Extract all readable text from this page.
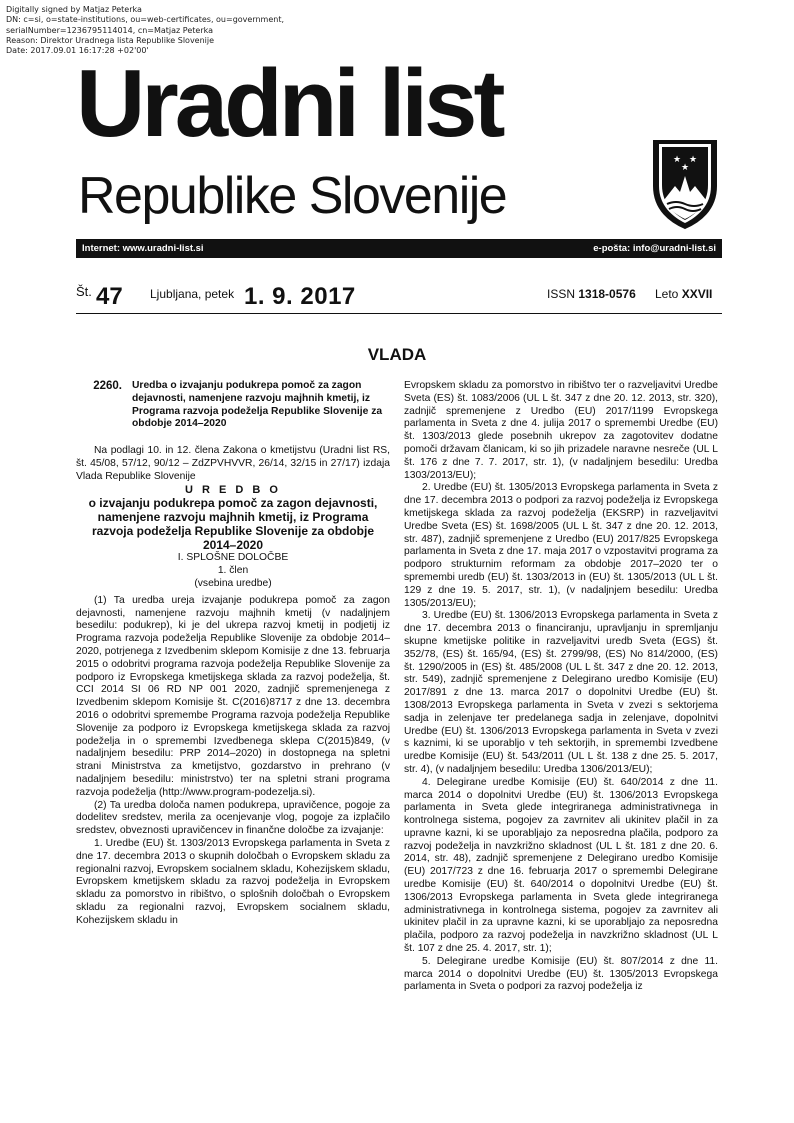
Digitally signed by Matjaz Peterka
DN: c=si, o=state-institutions, ou=web-certificates, ou=government,
serialNumber=1236795114014, cn=Matjaz Peterka
Reason: Direktor Uradnega lista Republike Slovenije
Date: 2017.09.01 16:17:28 +02'00'
Uradni list
Republike Slovenije
★ ★
★
Internet: www.uradni-list.si	e-pošta: info@uradni-list.si
Št. 47 Ljubljana, petek 1. 9. 2017	ISSN 1318-0576 Leto XXVII
VLADA
2260. Uredba o izvajanju podukrepa pomoč za zagon dejavnosti, namenjene razvoju majhnih kmetij, iz Programa razvoja podeželja Republike Slovenije za obdobje 2014–2020

Na podlagi 10. in 12. člena Zakona o kmetijstvu (Uradni list RS, št. 45/08, 57/12, 90/12 – ZdZPVHVVR, 26/14, 32/15 in 27/17) izdaja Vlada Republike Slovenije

U R E D B O

o izvajanju podukrepa pomoč za zagon dejavnosti, namenjene razvoju majhnih kmetij, iz Programa razvoja podeželja Republike Slovenije za obdobje 2014–2020

I. SPLOŠNE DOLOČBE

1. člen

(vsebina uredbe)

(1) Ta uredba ureja izvajanje podukrepa pomoč za zagon dejavnosti, namenjene razvoju majhnih kmetij (v nadaljnjem besedilu: podukrep), ki je del ukrepa razvoj kmetij in podjetij iz Programa razvoja podeželja Republike Slovenije za obdobje 2014–2020, potrjenega z Izvedbenim sklepom Komisije z dne 13. februarja 2015 o odobritvi programa razvoja podeželja Republike Slovenije za podporo iz Evropskega kmetijskega sklada za razvoj podeželja, št. CCI 2014 SI 06 RD NP 001 2020, zadnjič spremenjenega z Izvedbenim sklepom Komisije št. C(2016)8717 z dne 13. decembra 2016 o odobritvi spremembe Programa razvoja podeželja Republike Slovenije za podporo iz Evropskega kmetijskega sklada za razvoj podeželja in o spremembi Izvedbenega sklepa C(2015)849, (v nadaljnjem besedilu: PRP 2014–2020) in dostopnega na spletni strani Ministrstva za kmetijstvo, gozdarstvo in prehrano (v nadaljnjem besedilu: ministrstvo) ter na spletni strani programa razvoja podeželja (http://www.program-podezelja.si).

(2) Ta uredba določa namen podukrepa, upravičence, pogoje za dodelitev sredstev, merila za ocenjevanje vlog, pogoje za izplačilo sredstev, obveznosti upravičencev in finančne določbe za izvajanje:

1. Uredbe (EU) št. 1303/2013 Evropskega parlamenta in Sveta z dne 17. decembra 2013 o skupnih določbah o Evropskem skladu za regionalni razvoj, Evropskem socialnem skladu, Kohezijskem skladu, Evropskem kmetijskem skladu za razvoj podeželja in Evropskem skladu za pomorstvo in ribištvo, o splošnih določbah o Evropskem skladu za regionalni razvoj, Evropskem socialnem skladu, Kohezijskem skladu in

Evropskem skladu za pomorstvo in ribištvo ter o razveljavitvi Uredbe Sveta (ES) št. 1083/2006 (UL L št. 347 z dne 20. 12. 2013, str. 320), zadnjič spremenjene z Uredbo (EU) 2017/1199 Evropskega parlamenta in Sveta z dne 4. julija 2017 o spremembi Uredbe (EU) št. 1303/2013 glede posebnih ukrepov za zagotovitev dodatne pomoči državam članicam, ki so jih prizadele naravne nesreče (UL L št. 176 z dne 7. 7. 2017, str. 1), (v nadaljnjem besedilu: Uredba 1303/2013/EU);

2. Uredbe (EU) št. 1305/2013 Evropskega parlamenta in Sveta z dne 17. decembra 2013 o podpori za razvoj podeželja iz Evropskega kmetijskega sklada za razvoj podeželja (EKSRP) in razveljavitvi Uredbe Sveta (ES) št. 1698/2005 (UL L št. 347 z dne 20. 12. 2013, str. 487), zadnjič spremenjene z Uredbo (EU) 2017/825 Evropskega parlamenta in Sveta z dne 17. maja 2017 o vzpostavitvi programa za podporo strukturnim reformam za obdobje 2017–2020 ter o spremembi uredb (EU) št. 1303/2013 in (EU) št. 1305/2013 (UL L št. 129 z dne 19. 5. 2017, str. 1), (v nadaljnjem besedilu: Uredba 1305/2013/EU);

3. Uredbe (EU) št. 1306/2013 Evropskega parlamenta in Sveta z dne 17. decembra 2013 o financiranju, upravljanju in spremljanju skupne kmetijske politike in razveljavitvi uredb Sveta (EGS) št. 352/78, (ES) št. 165/94, (ES) št. 2799/98, (ES) No 814/2000, (ES) št. 1290/2005 in (ES) št. 485/2008 (UL L št. 347 z dne 20. 12. 2013, str. 549), zadnjič spremenjene z Delegirano uredbo Komisije (EU) 2017/891 z dne 13. marca 2017 o dopolnitvi Uredbe (EU) št. 1308/2013 Evropskega parlamenta in Sveta v zvezi s sektorjema sadja in zelenjave ter predelanega sadja in zelenjave, dopolnitvi Uredbe (EU) št. 1306/2013 Evropskega parlamenta in Sveta v zvezi s kaznimi, ki se uporabljo v teh sektorjih, in spremembi Izvedbene uredbe Komisije (EU) št. 543/2011 (UL L št. 138 z dne 25. 5. 2017, str. 4), (v nadaljnjem besedilu: Uredba 1306/2013/EU);

4. Delegirane uredbe Komisije (EU) št. 640/2014 z dne 11. marca 2014 o dopolnitvi Uredbe (EU) št. 1306/2013 Evropskega parlamenta in Sveta glede integriranega administrativnega in kontrolnega sistema, pogojev za zavrnitev ali ukinitev plačil in za upravne kazni, ki se uporabljajo za neposredna plačila, podporo za razvoj podeželja in navzkrižno skladnost (UL L št. 181 z dne 20. 6. 2014, str. 48), zadnjič spremenjene z Delegirano uredbo Komisije (EU) 2017/723 z dne 16. februarja 2017 o spremembi Delegirane uredbe Komisije (EU) št. 640/2014 o dopolnitvi Uredbe (EU) št. 1306/2013 Evropskega parlamenta in Sveta glede integriranega administrativnega in kontrolnega sistema, pogojev za zavrnitev ali ukinitev plačil in za upravne kazni, ki se uporabljajo za neposredna plačila, podporo za razvoj podeželja in navzkrižno skladnost (UL L št. 107 z dne 25. 4. 2017, str. 1);

5. Delegirane uredbe Komisije (EU) št. 807/2014 z dne 11. marca 2014 o dopolnitvi Uredbe (EU) št. 1305/2013 Evropskega parlamenta in Sveta o podpori za razvoj podeželja iz
